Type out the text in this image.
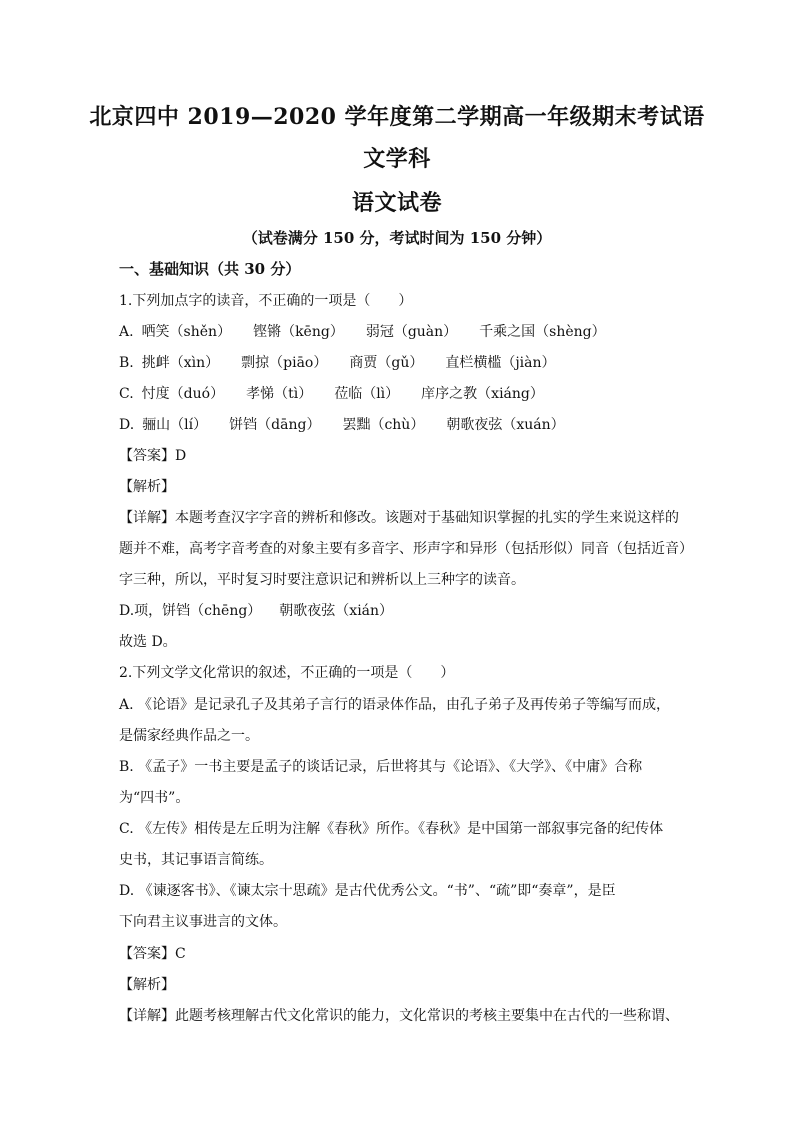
北京四中 2019—2020 学年度第二学期高一年级期末考试语
文学科
语文试卷
（试卷满分 150 分，考试时间为 150 分钟）
一、基础知识（共 30 分）
1.下列加点字的读音，不正确的一项是（　　）
A. 哂笑（shěn） 铿锵（kēng） 弱冠（guàn） 千乘之国（shèng）
B. 挑衅（xìn） 剽掠（piāo） 商贾（gǔ） 直栏横槛（jiàn）
C. 忖度（duó） 孝悌（tì） 莅临（lì） 庠序之教（xiáng）
D. 骊山（lí） 饼铛（dāng） 罢黜（chù） 朝歌夜弦（xuán）
【答案】D
【解析】
【详解】本题考查汉字字音的辨析和修改。该题对于基础知识掌握的扎实的学生来说这样的
题并不难，高考字音考查的对象主要有多音字、形声字和异形（包括形似）同音（包括近音）
字三种，所以，平时复习时要注意识记和辨析以上三种字的读音。
D.项，饼铛（chēng） 朝歌夜弦（xián）
故选 D。
2.下列文学文化常识的叙述，不正确的一项是（　　）
A. 《论语》是记录孔子及其弟子言行的语录体作品，由孔子弟子及再传弟子等编写而成，
是儒家经典作品之一。
B. 《孟子》一书主要是孟子的谈话记录，后世将其与《论语》、《大学》、《中庸》合称
为“四书”。
C. 《左传》相传是左丘明为注解《春秋》所作。《春秋》是中国第一部叙事完备的纪传体
史书，其记事语言简练。
D. 《谏逐客书》、《谏太宗十思疏》是古代优秀公文。“书”、“疏”即“奏章”，是臣
下向君主议事进言的文体。
【答案】C
【解析】
【详解】此题考核理解古代文化常识的能力，文化常识的考核主要集中在古代的一些称谓、
